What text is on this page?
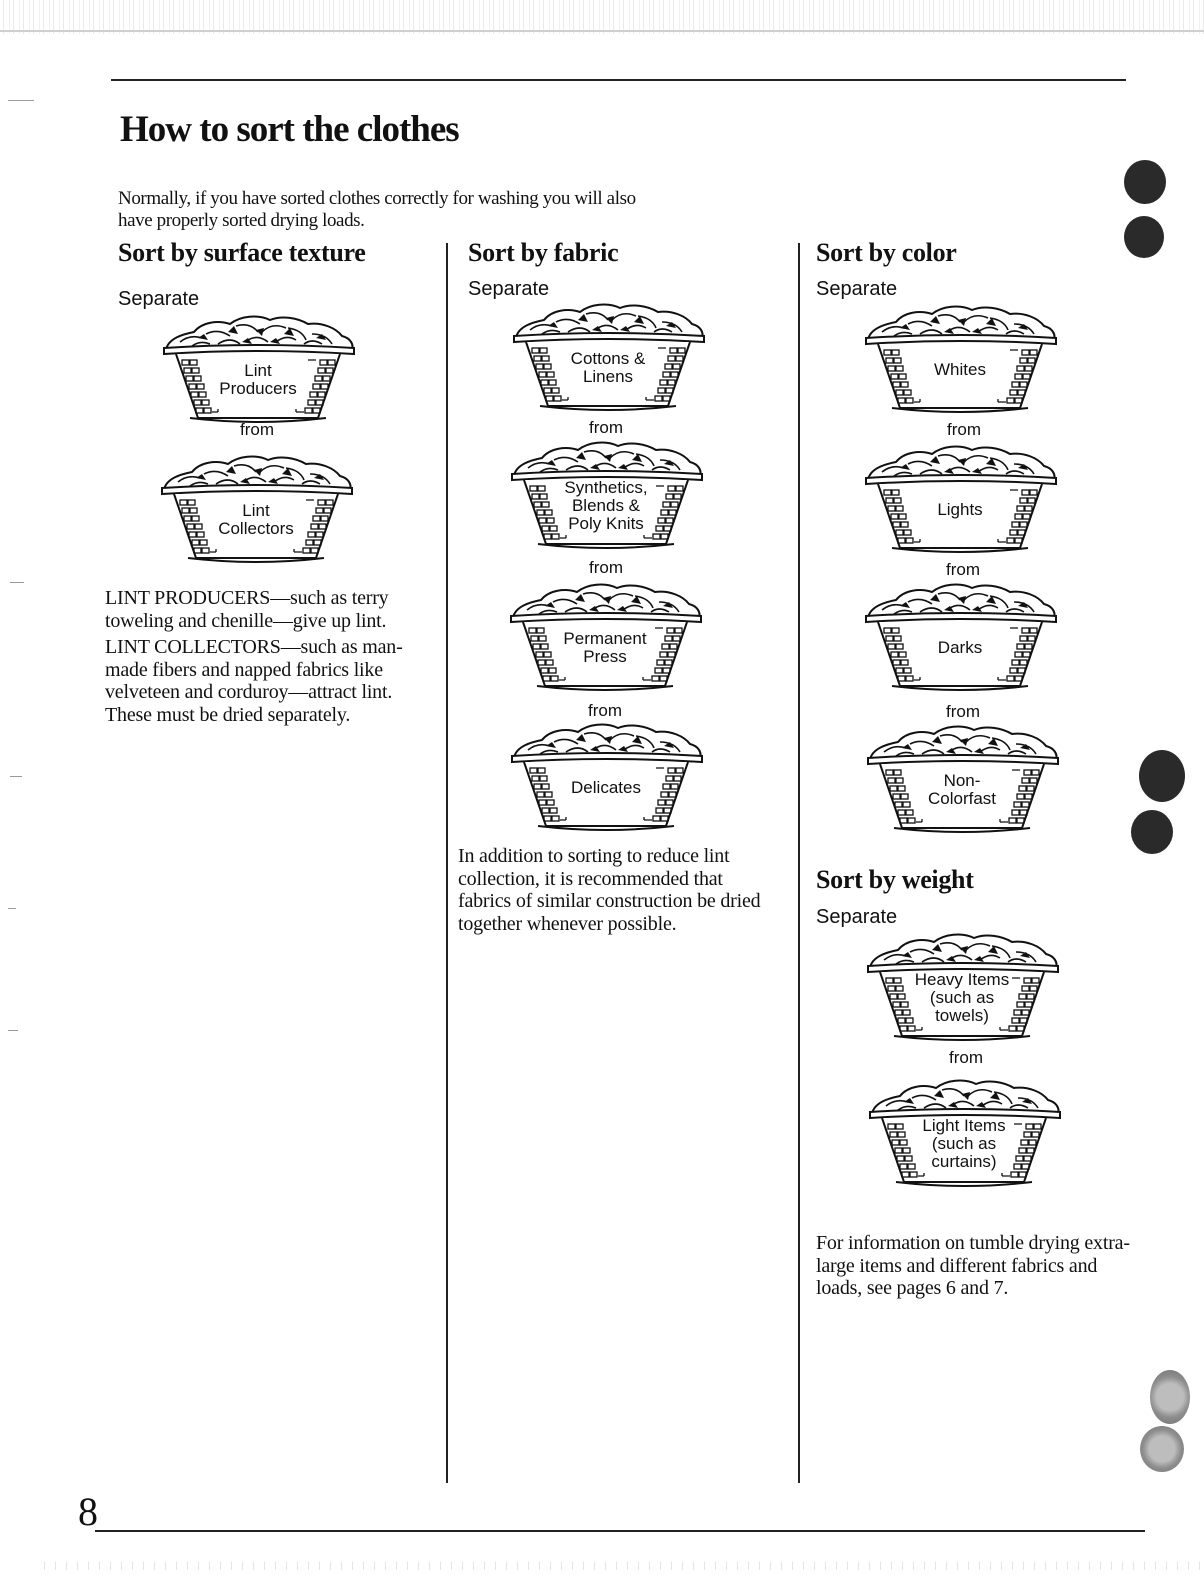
How to sort the clothes
Normally, if you have sorted clothes correctly for washing you will also have properly sorted drying loads.
Sort by surface texture
Separate
Lint
Producers
from
Lint
Collectors

LINT PRODUCERS—such as terry toweling and chenille—give up lint.

LINT COLLECTORS—such as man-made fibers and napped fabrics like velveteen and corduroy—attract lint. These must be dried separately.

Sort by fabric
Separate
Cottons &
Linens
from
Synthetics,
Blends &
Poly Knits
from
Permanent
Press
from
Delicates
In addition to sorting to reduce lint collection, it is recommended that fabrics of similar construction be dried together whenever possible.
Sort by color
Separate
Whites
from
Lights
from
Darks
from
Non-
Colorfast
Sort by weight
Separate
Heavy Items
(such as
towels)
from
Light Items
(such as
curtains)
For information on tumble drying extra-large items and different fabrics and loads, see pages 6 and 7.
8
